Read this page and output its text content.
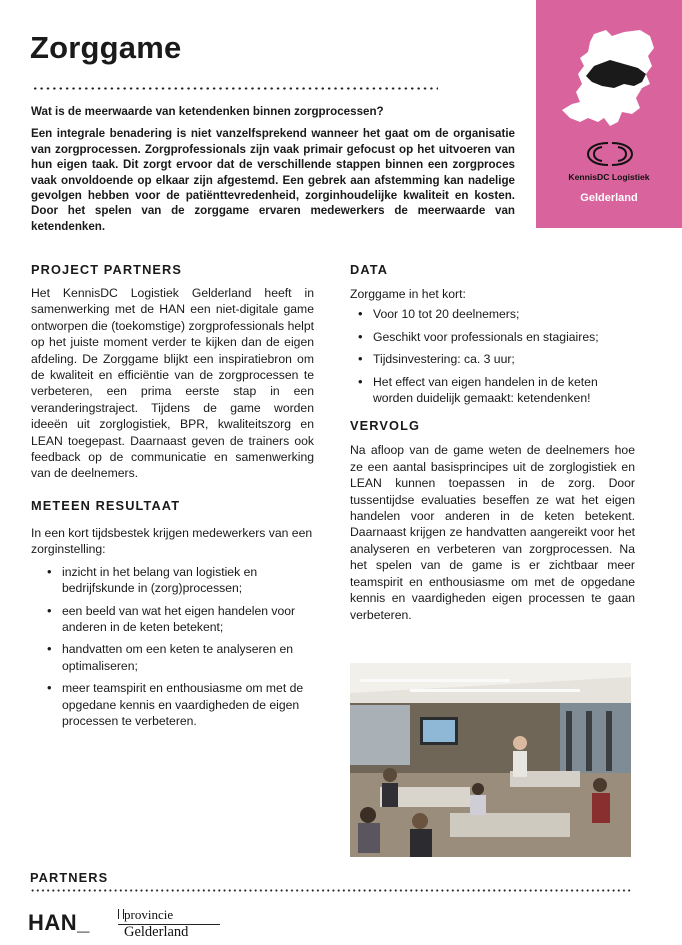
Zorggame
Wat is de meerwaarde van ketendenken binnen zorgprocessen?
Een integrale benadering is niet vanzelfsprekend wanneer het gaat om de organisatie van zorgprocessen. Zorgprofessionals zijn vaak primair gefocust op het uitvoeren van hun eigen taak. Dit zorgt ervoor dat de verschillende stappen binnen een zorgproces vaak onvoldoende op elkaar zijn afgestemd. Een gebrek aan afstemming kan nadelige gevolgen hebben voor de patiënttevredenheid, zorginhoudelijke kwaliteit en kosten. Door het spelen van de zorggame ervaren medewerkers de meerwaarde van ketendenken.
KennisDC Logistiek
Gelderland
PROJECT PARTNERS
Het KennisDC Logistiek Gelderland heeft in samenwerking met de HAN een niet-digitale game ontworpen die (toekomstige) zorgprofessionals helpt op het juiste moment verder te kijken dan de eigen afdeling. De Zorggame blijkt een inspiratiebron om de kwaliteit en efficiëntie van de zorgprocessen te verbeteren, een prima eerste stap in een veranderingstraject. Tijdens de game worden ideeën uit zorglogistiek, BPR, kwaliteitszorg en LEAN toegepast. Daarnaast geven de trainers ook feedback op de communicatie en samenwerking van de deelnemers.
METEEN RESULTAAT
In een kort tijdsbestek krijgen medewerkers van een zorginstelling:
• inzicht in het belang van logistiek en bedrijfskunde in (zorg)processen;
• een beeld van wat het eigen handelen voor anderen in de keten betekent;
• handvatten om een keten te analyseren en optimaliseren;
• meer teamspirit en enthousiasme om met de opgedane kennis en vaardigheden de eigen processen te verbeteren.
DATA
Zorggame in het kort:
• Voor 10 tot 20 deelnemers;
• Geschikt voor professionals en stagiaires;
• Tijdsinvestering: ca. 3 uur;
• Het effect van eigen handelen in de keten worden duidelijk gemaakt: ketendenken!
VERVOLG
Na afloop van de game weten de deelnemers hoe ze een aantal basisprincipes uit de zorglogistiek en LEAN kunnen toepassen in de zorg. Door tussentijdse evaluaties beseffen ze wat het eigen handelen voor anderen in de keten betekent. Daarnaast krijgen ze handvatten aangereikt voor het analyseren en verbeteren van zorgprocessen. Na het spelen van de game is er zichtbaar meer teamspirit en enthousiasme om met de opgedane kennis en vaardigheden eigen processen te gaan verbeteren.
PARTNERS
HAN_	provincie
Gelderland
